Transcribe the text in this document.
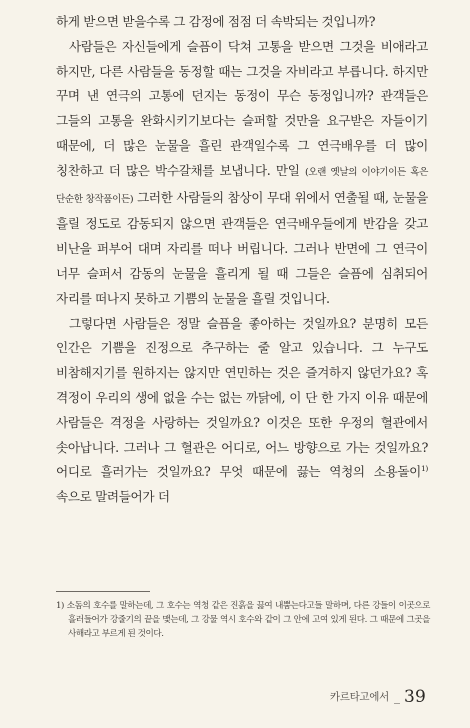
하게 받으면 받을수록 그 감정에 점점 더 속박되는 것입니까?

사람들은 자신들에게 슬픔이 닥쳐 고통을 받으면 그것을 비애라고 하지만, 다른 사람들을 동정할 때는 그것을 자비라고 부릅니다. 하지만 꾸며 낸 연극의 고통에 던지는 동정이 무슨 동정입니까? 관객들은 그들의 고통을 완화시키기보다는 슬퍼할 것만을 요구받은 자들이기 때문에, 더 많은 눈물을 흘린 관객일수록 그 연극배우를 더 많이 칭찬하고 더 많은 박수갈채를 보냅니다. 만일 (오랜 옛날의 이야기이든 혹은 단순한 창작품이든) 그러한 사람들의 참상이 무대 위에서 연출될 때, 눈물을 흘릴 정도로 감동되지 않으면 관객들은 연극배우들에게 반감을 갖고 비난을 퍼부어 대며 자리를 떠나 버립니다. 그러나 반면에 그 연극이 너무 슬퍼서 감동의 눈물을 흘리게 될 때 그들은 슬픔에 심취되어 자리를 떠나지 못하고 기쁨의 눈물을 흘릴 것입니다.

그렇다면 사람들은 정말 슬픔을 좋아하는 것일까요? 분명히 모든 인간은 기쁨을 진정으로 추구하는 줄 알고 있습니다. 그 누구도 비참해지기를 원하지는 않지만 연민하는 것은 즐겨하지 않던가요? 혹 격정이 우리의 생에 없을 수는 없는 까닭에, 이 단 한 가지 이유 때문에 사람들은 격정을 사랑하는 것일까요? 이것은 또한 우정의 혈관에서 솟아납니다. 그러나 그 혈관은 어디로, 어느 방향으로 가는 것일까요? 어디로 흘러가는 것일까요? 무엇 때문에 끓는 역청의 소용돌이$^{1)}$ 속으로 말려들어가 더

1) 소돔의 호수를 말하는데, 그 호수는 역청 같은 진흙을 끓여 내뿜는다고들 말하며, 다른 강들이 이곳으로 흘러들어가 강줄기의 끝을 맺는데, 그 강물 역시 호수와 같이 그 안에 고여 있게 된다. 그 때문에 그곳을 사해라고 부르게 된 것이다.

카르타고에서 _ 39
